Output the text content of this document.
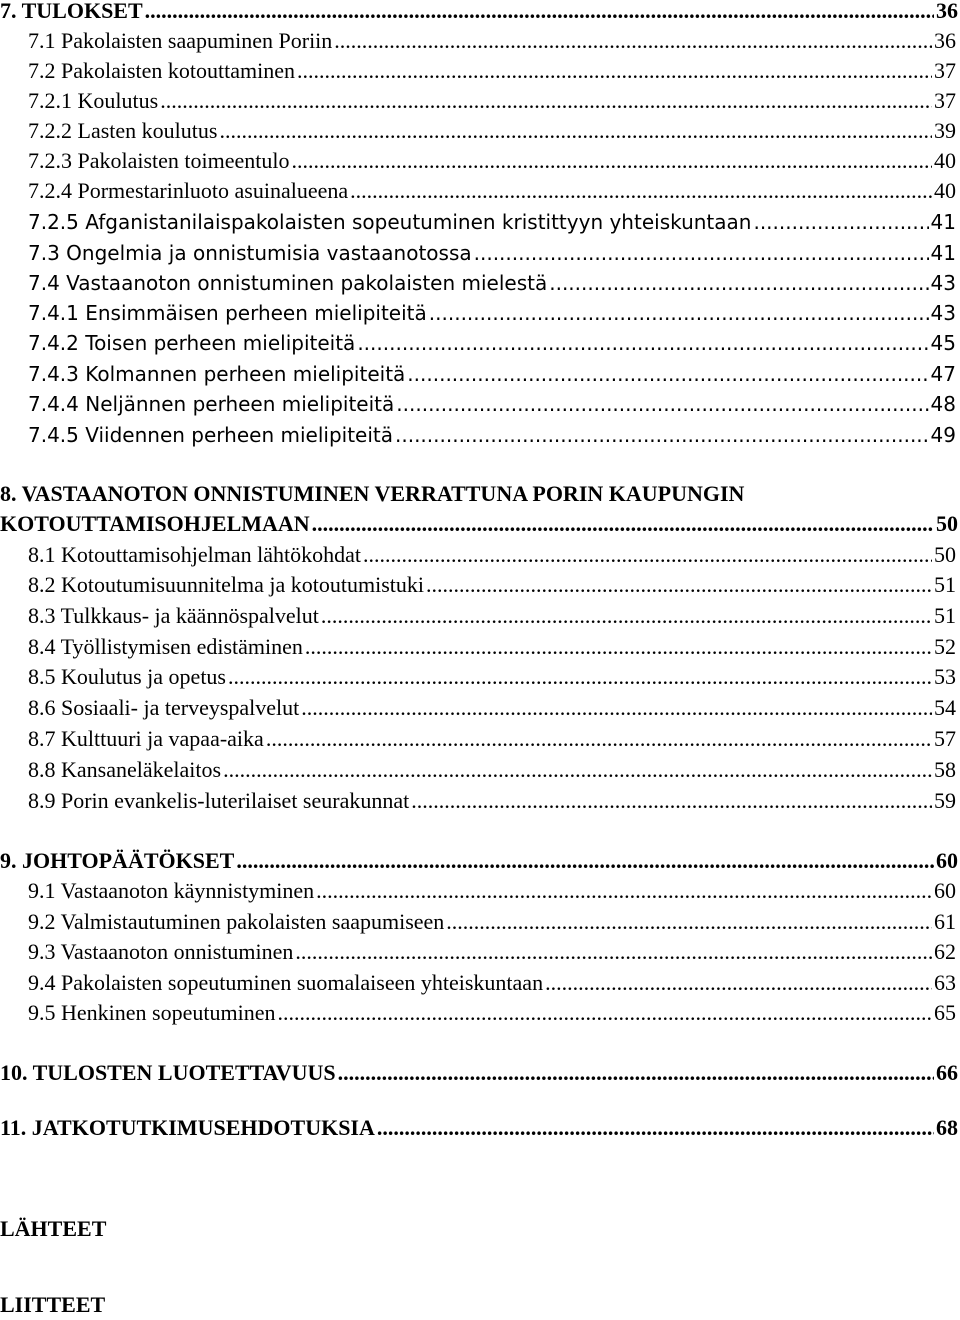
7. TULOKSET .....	36
7.1 Pakolaisten saapuminen Poriin .....	36
7.2 Pakolaisten kotouttaminen .....	37
7.2.1 Koulutus .....	37
7.2.2 Lasten koulutus .....	39
7.2.3 Pakolaisten toimeentulo .....	40
7.2.4 Pormestarinluoto asuinalueena .....	40
7.2.5 Afganistanilaispakolaisten sopeutuminen kristittyyn yhteiskuntaan .....	41
7.3 Ongelmia ja onnistumisia vastaanotossa .....	41
7.4 Vastaanoton onnistuminen pakolaisten mielestä .....	43
7.4.1 Ensimmäisen perheen mielipiteitä .....	43
7.4.2 Toisen perheen mielipiteitä .....	45
7.4.3 Kolmannen perheen mielipiteitä .....	47
7.4.4 Neljännen perheen mielipiteitä .....	48
7.4.5 Viidennen perheen mielipiteitä .....	49
8. VASTAANOTON ONNISTUMINEN VERRATTUNA PORIN KAUPUNGIN
KOTOUTTAMISOHJELMAAN .....	50
8.1 Kotouttamisohjelman lähtökohdat .....	50
8.2 Kotoutumisuunnitelma ja kotoutumistuki .....	51
8.3 Tulkkaus- ja käännöspalvelut .....	51
8.4 Työllistymisen edistäminen .....	52
8.5 Koulutus ja opetus .....	53
8.6 Sosiaali- ja terveyspalvelut .....	54
8.7 Kulttuuri ja vapaa-aika .....	57
8.8 Kansaneläkelaitos .....	58
8.9 Porin evankelis-luterilaiset seurakunnat .....	59
9. JOHTOPÄÄTÖKSET .....	60
9.1 Vastaanoton käynnistyminen .....	60
9.2 Valmistautuminen pakolaisten saapumiseen .....	61
9.3 Vastaanoton onnistuminen .....	62
9.4 Pakolaisten sopeutuminen suomalaiseen yhteiskuntaan .....	63
9.5 Henkinen sopeutuminen .....	65
10. TULOSTEN LUOTETTAVUUS .....	66
11. JATKOTUTKIMUSEHDOTUKSIA .....	68
LÄHTEET
LIITTEET
